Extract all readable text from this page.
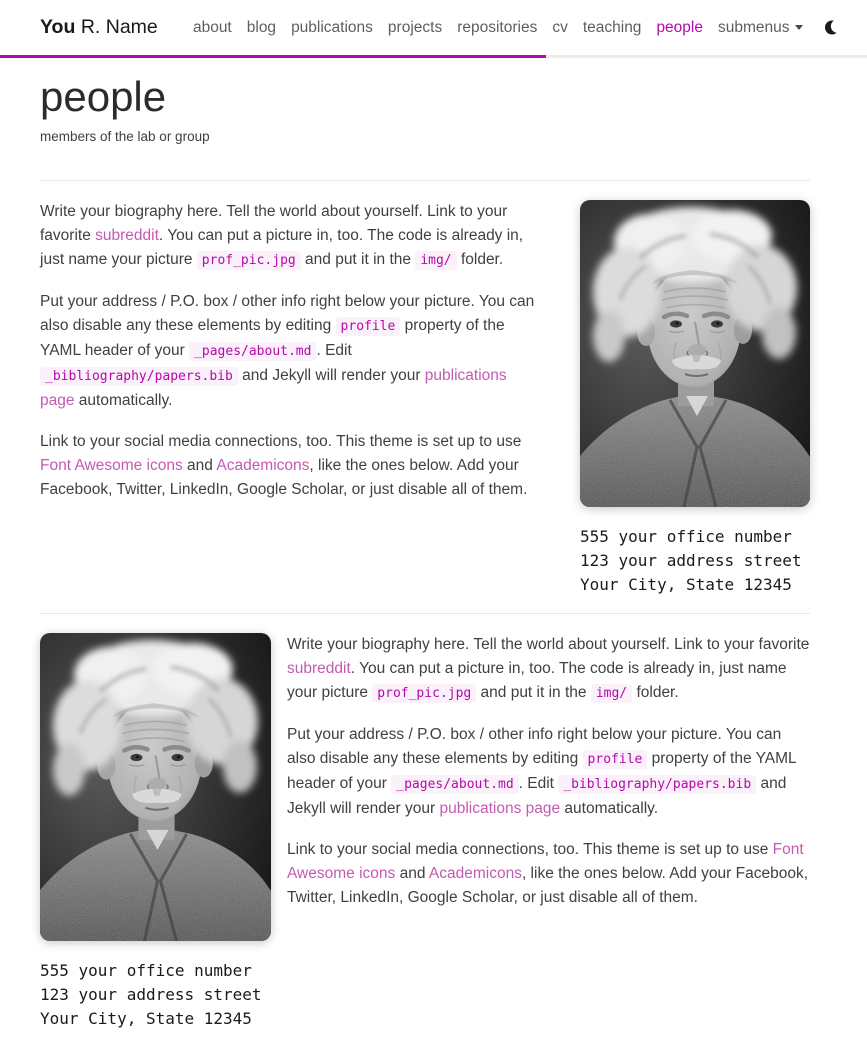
You R. Name	about blog publications projects repositories cv teaching people submenus
people

members of the lab or group

Write your biography here. Tell the world about yourself. Link to your favorite subreddit. You can put a picture in, too. The code is already in, just name your picture prof_pic.jpg and put it in the img/ folder.

Put your address / P.O. box / other info right below your picture. You can also disable any these elements by editing profile property of the YAML header of your _pages/about.md . Edit _bibliography/papers.bib and Jekyll will render your publications page automatically.

Link to your social media connections, too. This theme is set up to use Font Awesome icons and Academicons, like the ones below. Add your Facebook, Twitter, LinkedIn, Google Scholar, or just disable all of them.

555 your office number
123 your address street
Your City, State 12345
555 your office number
123 your address street
Your City, State 12345

Write your biography here. Tell the world about yourself. Link to your favorite subreddit. You can put a picture in, too. The code is already in, just name your picture prof_pic.jpg and put it in the img/ folder.

Put your address / P.O. box / other info right below your picture. You can also disable any these elements by editing profile property of the YAML header of your _pages/about.md . Edit _bibliography/papers.bib and Jekyll will render your publications page automatically.

Link to your social media connections, too. This theme is set up to use Font Awesome icons and Academicons, like the ones below. Add your Facebook, Twitter, LinkedIn, Google Scholar, or just disable all of them.
